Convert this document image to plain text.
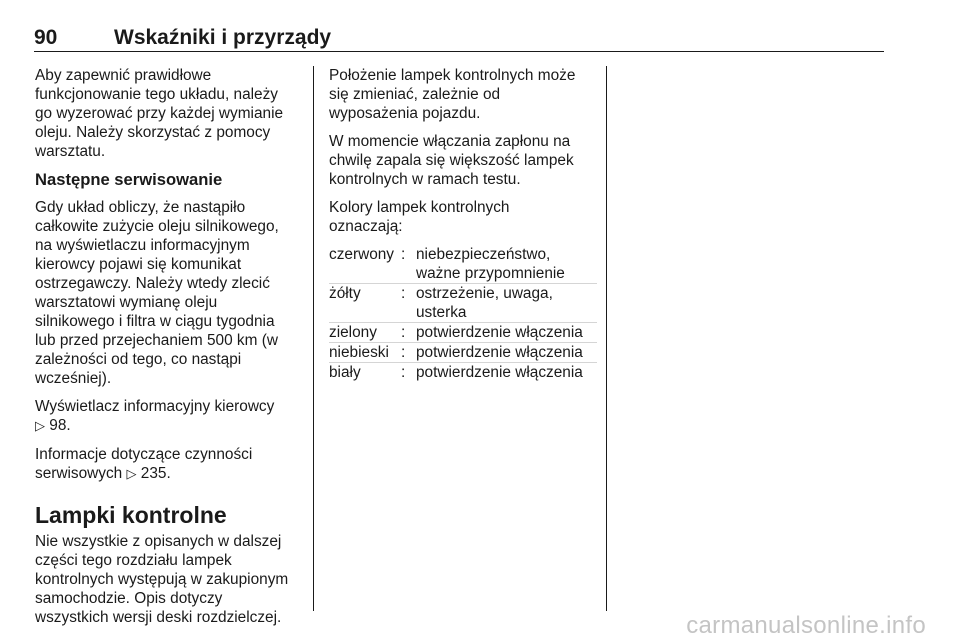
90	Wskaźniki i przyrządy

Aby zapewnić prawidłowe
funkcjonowanie tego układu, należy
go wyzerować przy każdej wymianie
oleju. Należy skorzystać z pomocy
warsztatu.

Następne serwisowanie

Gdy układ obliczy, że nastąpiło
całkowite zużycie oleju silnikowego,
na wyświetlaczu informacyjnym
kierowcy pojawi się komunikat
ostrzegawczy. Należy wtedy zlecić
warsztatowi wymianę oleju
silnikowego i filtra w ciągu tygodnia
lub przed przejechaniem 500 km (w
zależności od tego, co nastąpi
wcześniej).

Wyświetlacz informacyjny kierowcy
▷ 98.

Informacje dotyczące czynności
serwisowych ▷ 235.

Lampki kontrolne

Nie wszystkie z opisanych w dalszej
części tego rozdziału lampek
kontrolnych występują w zakupionym
samochodzie. Opis dotyczy
wszystkich wersji deski rozdzielczej.

Położenie lampek kontrolnych może
się zmieniać, zależnie od
wyposażenia pojazdu.

W momencie włączania zapłonu na
chwilę zapala się większość lampek
kontrolnych w ramach testu.

Kolory lampek kontrolnych
oznaczają:

czerwony : niebezpieczeństwo,
ważne przypomnienie
żółty	: ostrzeżenie, uwaga,
usterka
zielony	: potwierdzenie włączenia
niebieski : potwierdzenie włączenia
biały	: potwierdzenie włączenia
carmanualsonline.info
